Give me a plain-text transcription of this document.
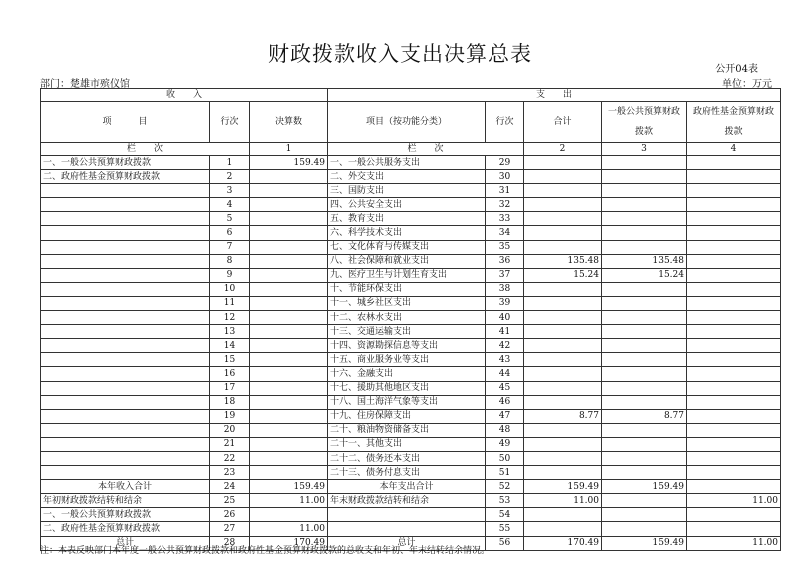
财政拨款收入支出决算总表
公开04表
部门：楚雄市殡仪馆	单位：万元
收　　入			支　　出				
项　　　目	行次	决算数	项目（按功能分类）	行次	合计	一般公共预算财政拨款	政府性基金预算财政拨款
栏　　次		1	栏　　次		2	3	4
一、一般公共预算财政拨款	1	159.49	一、一般公共服务支出	29			
二、政府性基金预算财政拨款	2		二、外交支出	30			
	3		三、国防支出	31			
	4		四、公共安全支出	32			
	5		五、教育支出	33			
	6		六、科学技术支出	34			
	7		七、文化体育与传媒支出	35			
	8		八、社会保障和就业支出	36	135.48	135.48	
	9		九、医疗卫生与计划生育支出	37	15.24	15.24	
	10		十、节能环保支出	38			
	11		十一、城乡社区支出	39			
	12		十二、农林水支出	40			
	13		十三、交通运输支出	41			
	14		十四、资源勘探信息等支出	42			
	15		十五、商业服务业等支出	43			
	16		十六、金融支出	44			
	17		十七、援助其他地区支出	45			
	18		十八、国土海洋气象等支出	46			
	19		十九、住房保障支出	47	8.77	8.77	
	20		二十、粮油物资储备支出	48			
	21		二十一、其他支出	49			
	22		二十二、债务还本支出	50			
	23		二十三、债务付息支出	51			
本年收入合计	24	159.49	本年支出合计	52	159.49	159.49	
年初财政拨款结转和结余	25	11.00	年末财政拨款结转和结余	53	11.00		11.00
一、一般公共预算财政拨款	26			54			
二、政府性基金预算财政拨款	27	11.00		55			
总计	28	170.49	总计	56	170.49	159.49	11.00
注：本表反映部门本年度一般公共预算财政拨款和政府性基金预算财政拨款的总收支和年初、年末结转结余情况。
